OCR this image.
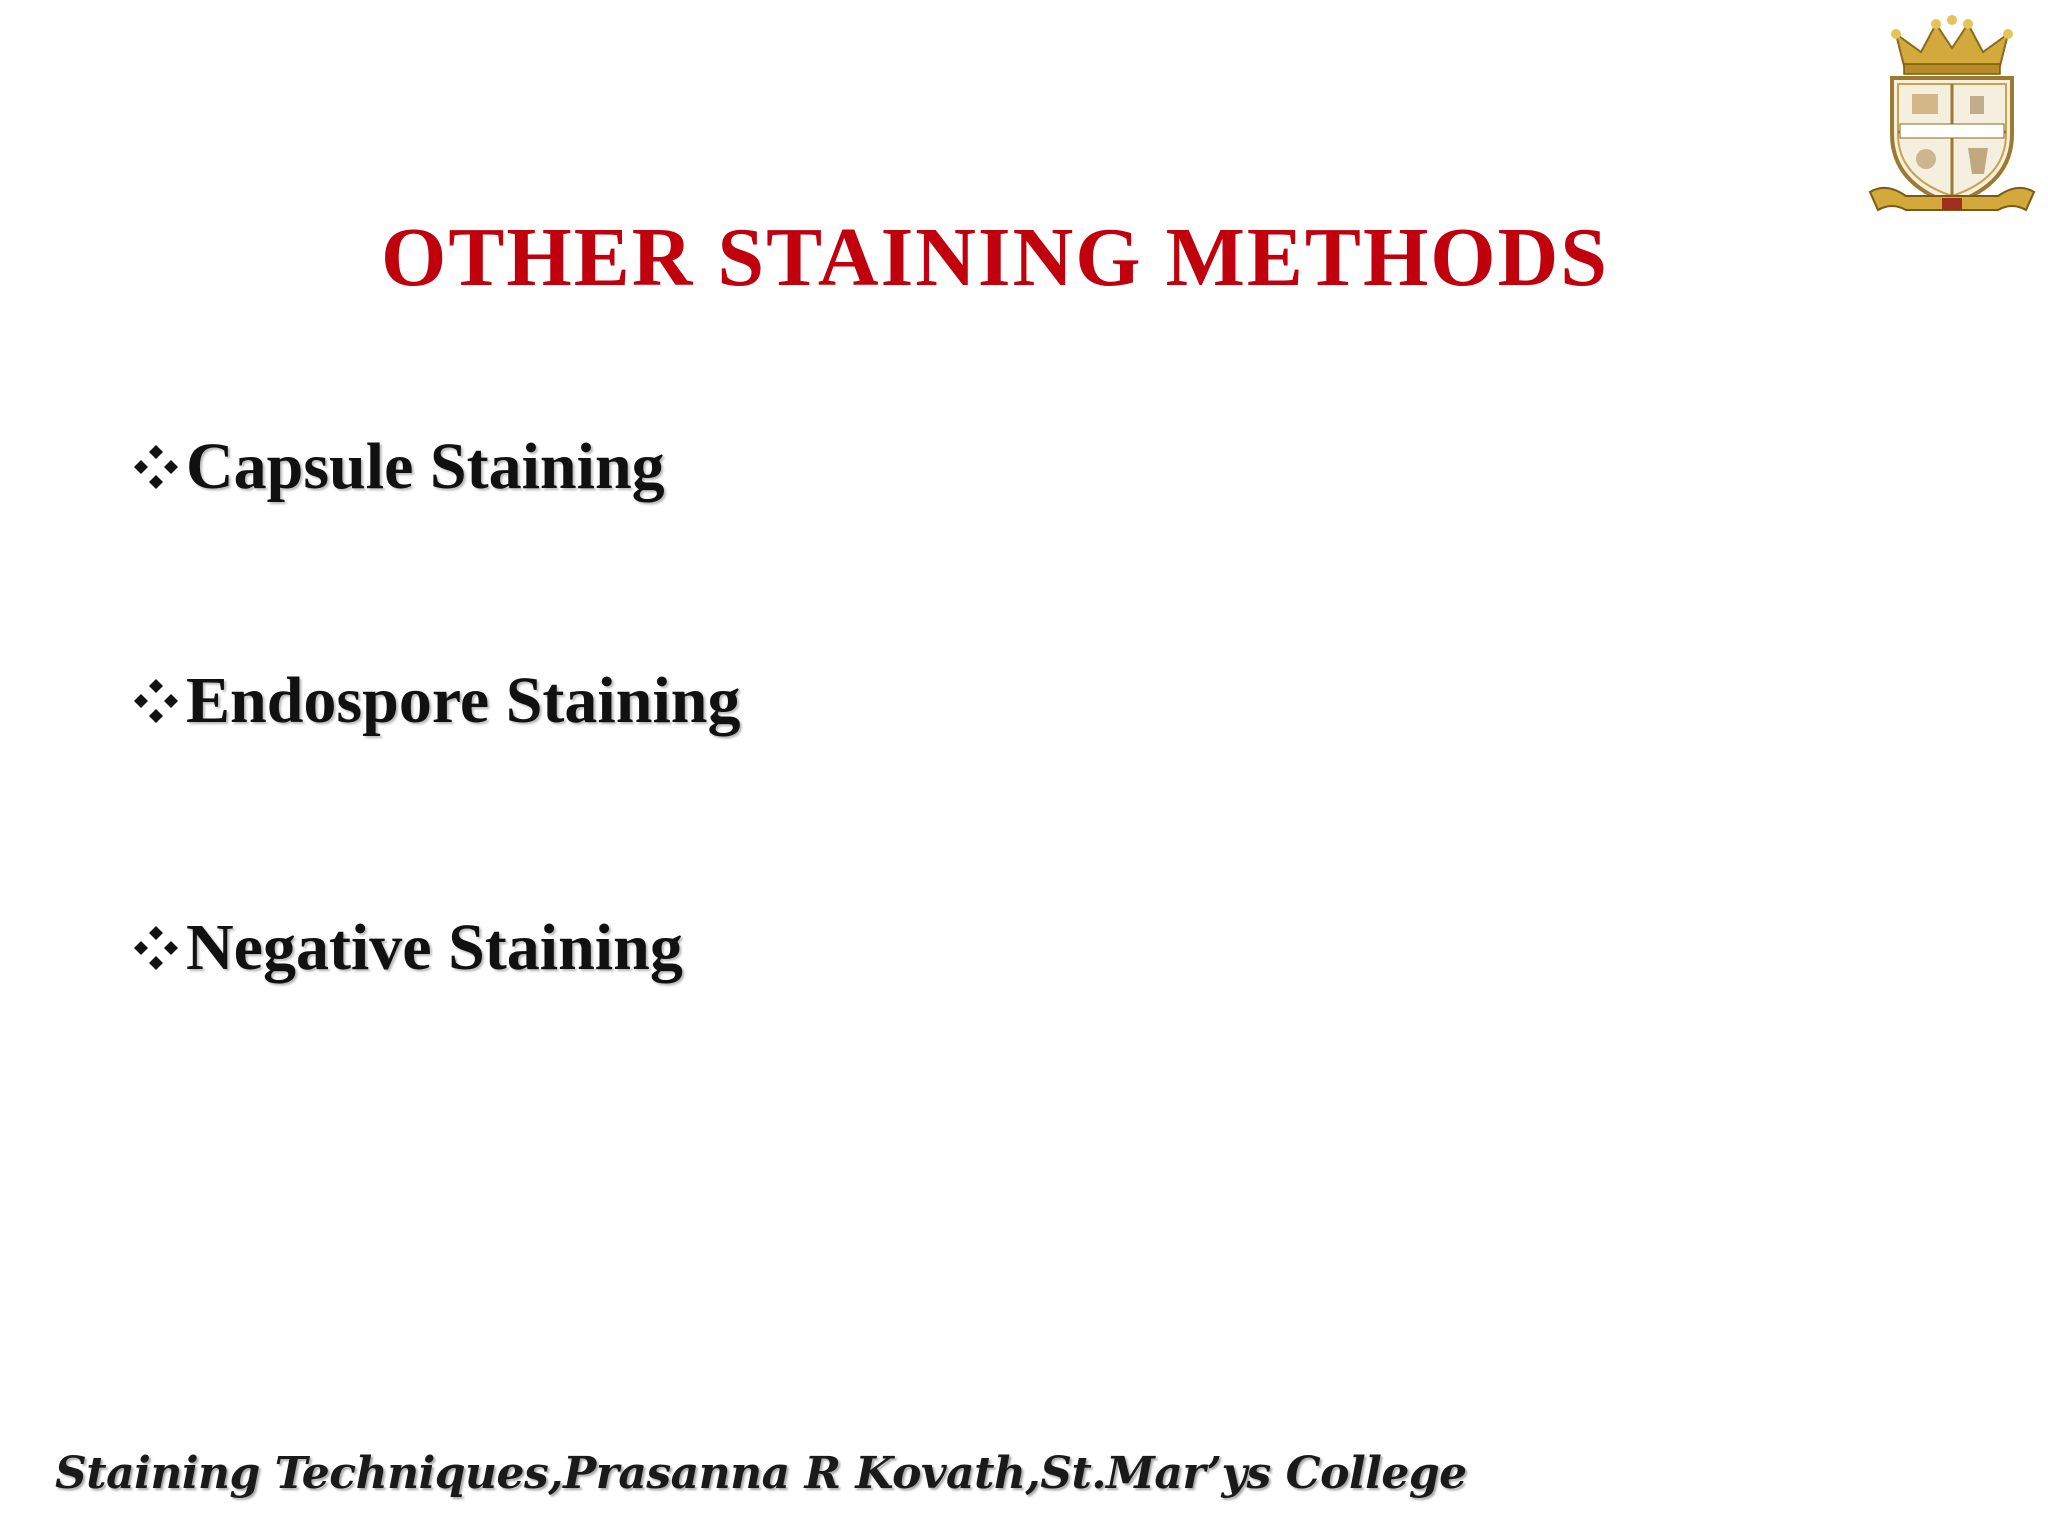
OTHER STAINING METHODS
Capsule Staining
Endospore Staining
Negative Staining
Staining Techniques,Prasanna R Kovath,St.Mar’ys College
